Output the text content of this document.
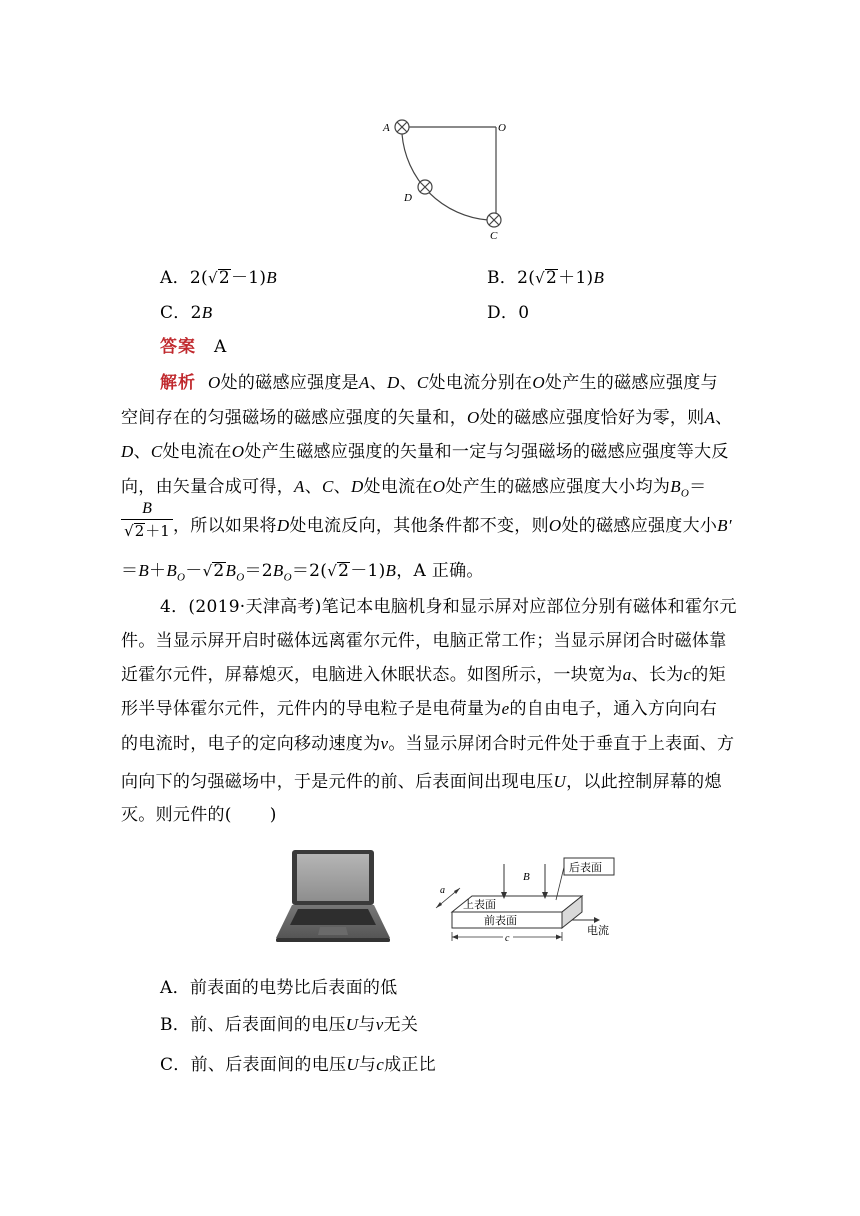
A	O
D
C
A．2(√2－1)B	B．2(√2＋1)B
C．2B	D．0
答案 A
解析 O处的磁感应强度是A、D、C处电流分别在O处产生的磁感应强度与
空间存在的匀强磁场的磁感应强度的矢量和，O处的磁感应强度恰好为零，则A、
D、C处电流在O处产生磁感应强度的矢量和一定与匀强磁场的磁感应强度等大反
向，由矢量合成可得，A、C、D处电流在O处产生的磁感应强度大小均为$B_O=$
B
√2＋1 ，所以如果将D处电流反向，其他条件都不变，则O处的磁感应强度大小B′
$=B+B_O-√2B_O=2B_O=2(√2-1)B$，A 正确。
4．(2019·天津高考)笔记本电脑机身和显示屏对应部位分别有磁体和霍尔元
件。当显示屏开启时磁体远离霍尔元件，电脑正常工作；当显示屏闭合时磁体靠
近霍尔元件，屏幕熄灭，电脑进入休眠状态。如图所示，一块宽为a、长为c的矩
形半导体霍尔元件，元件内的导电粒子是电荷量为e的自由电子，通入方向向右
的电流时，电子的定向移动速度为v。当显示屏闭合时元件处于垂直于上表面、方
向向下的匀强磁场中，于是元件的前、后表面间出现电压U，以此控制屏幕的熄
灭。则元件的( )
B
后表面
上表面
前表面
a
c
电流
A．前表面的电势比后表面的低
B．前、后表面间的电压U与v无关
C．前、后表面间的电压U与c成正比
